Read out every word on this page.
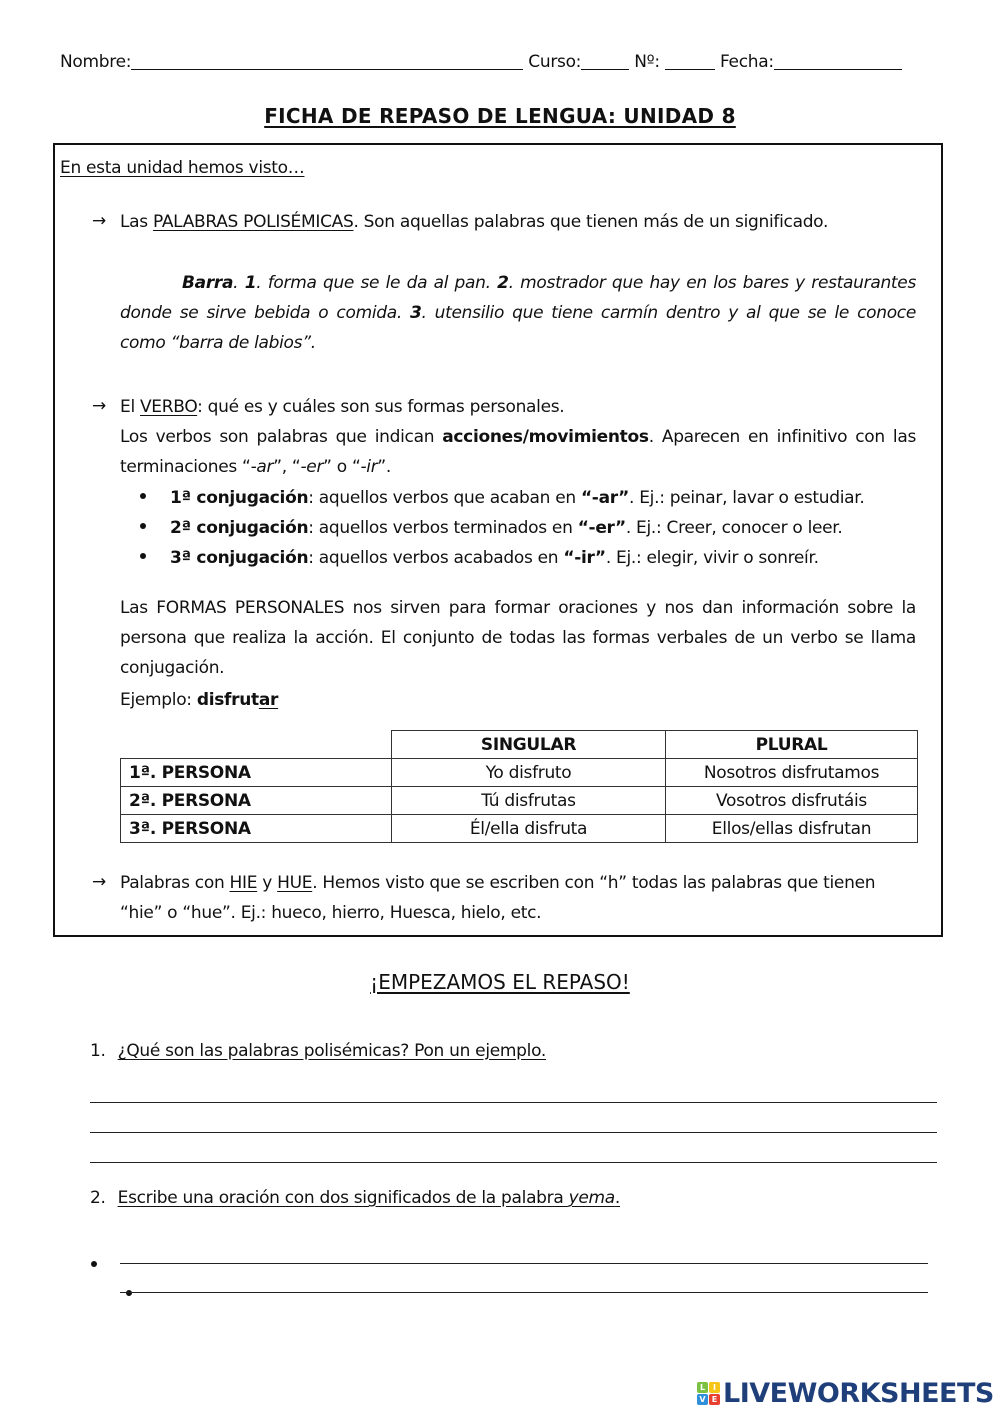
Nombre:	Curso:	Nº:	Fecha:
FICHA DE REPASO DE LENGUA: UNIDAD 8
En esta unidad hemos visto…
→ Las PALABRAS POLISÉMICAS. Son aquellas palabras que tienen más de un significado.
Barra. 1. forma que se le da al pan. 2. mostrador que hay en los bares y restaurantes donde se sirve bebida o comida. 3. utensilio que tiene carmín dentro y al que se le conoce como “barra de labios”.
→ El VERBO: qué es y cuáles son sus formas personales.
Los verbos son palabras que indican acciones/movimientos. Aparecen en infinitivo con las terminaciones “-ar”, “-er” o “-ir”.
1ª conjugación: aquellos verbos que acaban en “-ar”. Ej.: peinar, lavar o estudiar.
2ª conjugación: aquellos verbos terminados en “-er”. Ej.: Creer, conocer o leer.
3ª conjugación: aquellos verbos acabados en “-ir”. Ej.: elegir, vivir o sonreír.
Las FORMAS PERSONALES nos sirven para formar oraciones y nos dan información sobre la persona que realiza la acción. El conjunto de todas las formas verbales de un verbo se llama conjugación.
Ejemplo: disfrutar
	SINGULAR	PLURAL
1ª. PERSONA	Yo disfruto	Nosotros disfrutamos
2ª. PERSONA	Tú disfrutas	Vosotros disfrutáis
3ª. PERSONA	Él/ella disfruta	Ellos/ellas disfrutan
→ Palabras con HIE y HUE. Hemos visto que se escriben con “h” todas las palabras que tienen “hie” o “hue”. Ej.: hueco, hierro, Huesca, hielo, etc.
¡EMPEZAMOS EL REPASO!
1. ¿Qué son las palabras polisémicas? Pon un ejemplo.
2. Escribe una oración con dos significados de la palabra yema.

L I
V E LIVEWORKSHEETS
